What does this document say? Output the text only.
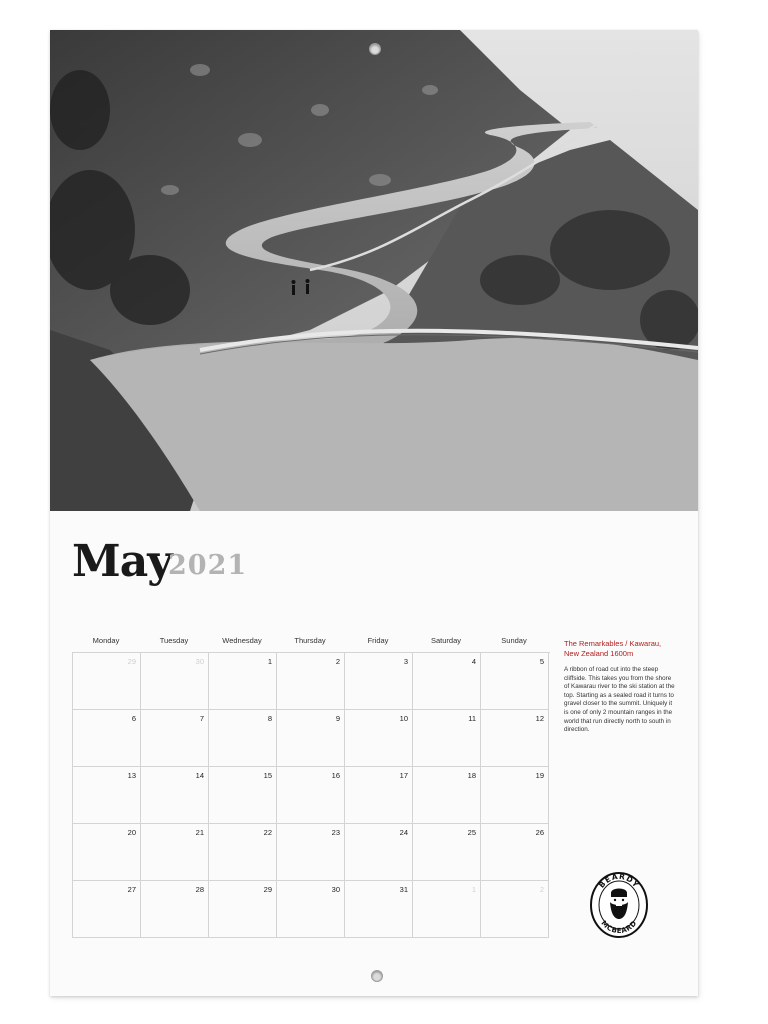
May
2021
Monday	Tuesday	Wednesday	Thursday	Friday	Saturday	Sunday
29	30	1	2	3	4	5
6	7	8	9	10	11	12
13	14	15	16	17	18	19
20	21	22	23	24	25	26
27	28	29	30	31	1	2
The Remarkables / Kawarau,
New Zealand 1600m
A ribbon of road cut into the steep cliffside. This takes you from the shore of Kawarau river to the ski station at the top. Starting as a sealed road it turns to gravel closer to the summit. Uniquely it is one of only 2 mountain ranges in the world that run directly north to south in direction.
BEARDY
MCBEARD
